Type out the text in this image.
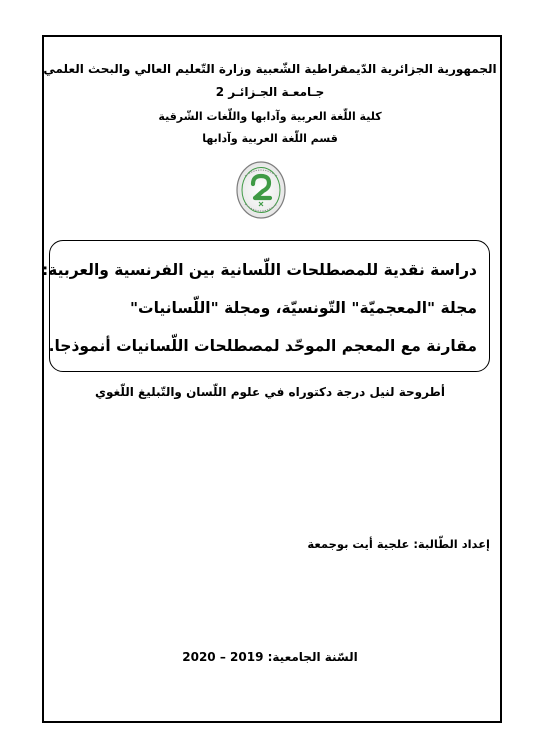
الجمهورية الجزائرية الدّيمقراطية الشّعبية وزارة التّعليم العالي والبحث العلمي
جـامعـة الجـزائـر 2
كلية اللّغة العربية وآدابها واللّغات الشّرقية
قسم اللّغة العربية وآدابها
دراسة نقدية للمصطلحات اللّسانية بين الفرنسية والعربية:
مجلة "المعجميّة" التّونسيّة، ومجلة "اللّسانيات"
مقارنة مع المعجم الموحّد لمصطلحات اللّسانيات أنموذجا.
أطروحة لنيل درجة دكتوراه في علوم اللّسان والتّبليغ اللّغوي
إعداد الطّالبة: علجية أيت بوجمعة
السّنة الجامعية: 2019 – 2020
